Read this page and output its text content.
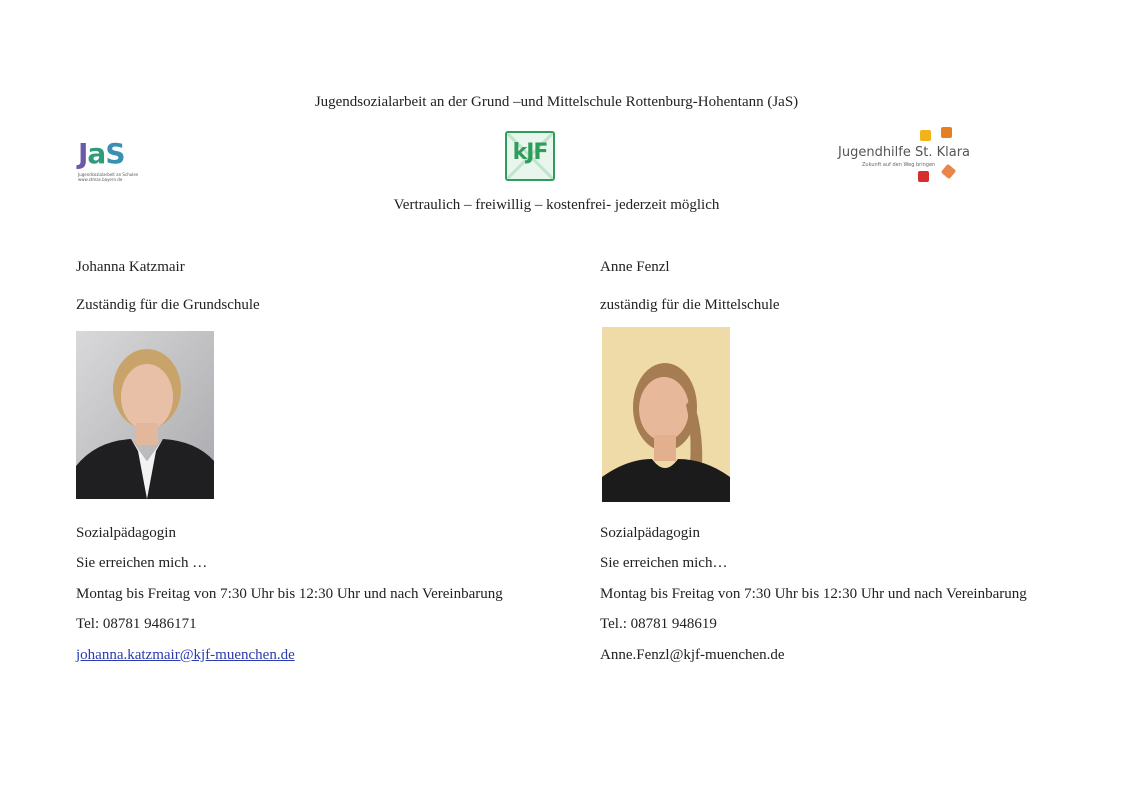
Jugendsozialarbeit an der Grund –und Mittelschule Rottenburg-Hohentann (JaS)
JaS
Jugendsozialarbeit an Schulen
www.stmas.bayern.de
kJF	Jugendhilfe St. Klara
Zukunft auf den Weg bringen
Vertraulich – freiwillig – kostenfrei- jederzeit möglich
Johanna Katzmair
Zuständig für die Grundschule
Sozialpädagogin
Sie erreichen mich …
Montag bis Freitag von 7:30 Uhr bis 12:30 Uhr und nach Vereinbarung
Tel: 08781 9486171
johanna.katzmair@kjf-muenchen.de
Anne Fenzl
zuständig für die Mittelschule
Sozialpädagogin
Sie erreichen mich…
Montag bis Freitag von 7:30 Uhr bis 12:30 Uhr und nach Vereinbarung
Tel.: 08781 948619
Anne.Fenzl@kjf-muenchen.de
